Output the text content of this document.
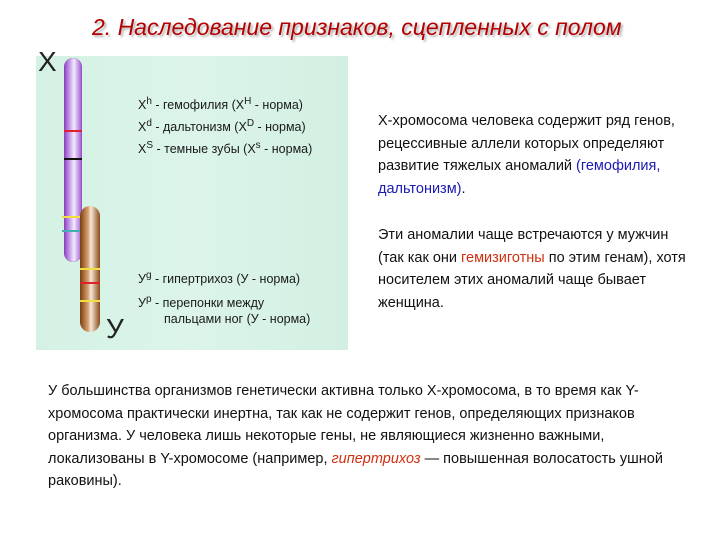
2. Наследование признаков, сцепленных с полом
Х
У
$X^h$ - гемофилия ($X^H$ - норма)
$X^d$ - дальтонизм ($X^D$ - норма)
$X^S$ - темные зубы ($X^s$ - норма)
$У^g$ - гипертрихоз (У - норма)
$У^p$ - перепонки между
пальцами ног (У - норма)
Х-хромосома человека содержит ряд генов, рецессивные аллели которых определяют развитие тяжелых аномалий (гемофилия, дальтонизм).
Эти аномалии чаще встречаются у мужчин (так как они гемизиготны по этим генам), хотя носителем этих аномалий чаще бывает женщина.
У большинства организмов генетически активна только Х-хромосома, в то время как Y-хромосома практически инертна, так как не содержит генов, определяющих признаков организма. У человека лишь некоторые гены, не являющиеся жизненно важными, локализованы в Y-хромосоме (например, гипертрихоз — повышенная волосатость ушной раковины).
